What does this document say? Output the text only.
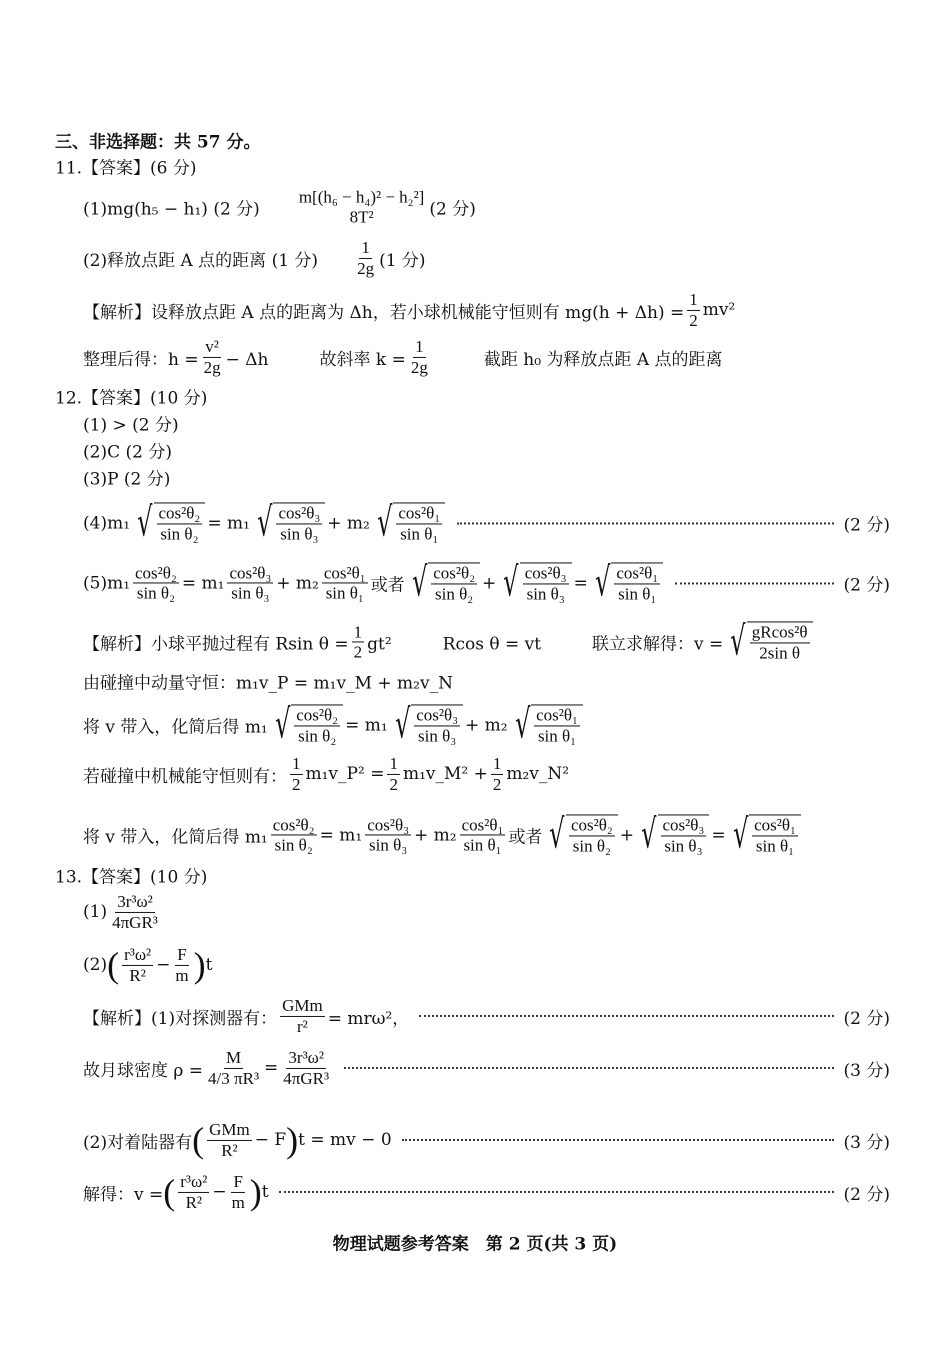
三、非选择题：共 57 分。
11.【答案】(6 分)
(1)mg(h₅ − h₁) (2 分)　　
m[(h₆ − h₄)² − h₂²]
8T²	(2 分)
(2)释放点距 A 点的距离 (1 分)　　 $\frac{1}{2g} (1$ 分)
【解析】设释放点距 A 点的距离为 Δh，若小球机械能守恒则有 $mg(h + \Delta h) = \frac{1}{2} mv^2$
整理后得：$h = \frac{\text{v²}}{2g} - \Delta h$　　　故斜率 $k = \frac{1}{2g}$ 　　　截距 h₀ 为释放点距 A 点的距离
12.【答案】(10 分)
(1) > (2 分)
(2)C (2 分)
(3)P (2 分)
(4)m₁ √ $\frac{\text{cos²θ₂}}{\text{sin θ₂}} = m_1$ √ $\frac{\text{cos²θ₃}}{\text{sin θ₃}} + m_2$ √ $\frac{\text{cos²θ₁}}{\text{sin θ₁}}$	(2 分)
$(5)m_1 \frac{\text{cos²θ₂}}{\text{sin θ₂}} = m_1 \frac{\text{cos²θ₃}}{\text{sin θ₃}} + m_2 \frac{\text{cos²θ₁}}{\text{sin θ₁}}$ 或者 √ $\frac{\text{cos²θ₂}}{\text{sin θ₂}}$ + √ $\frac{\text{cos²θ₃}}{\text{sin θ₃}}$ = √ $\frac{\text{cos²θ₁}}{\text{sin θ₁}}$	(2 分)
【解析】小球平抛过程有 Rsin $\theta = \frac{1}{2} gt^2$　　　Rcos θ = vt　　　联立求解得：v = √ $\frac{\text{gRcos²θ}}{\text{2sin θ}}$
由碰撞中动量守恒：m₁v_P = m₁v_M + m₂v_N
将 v 带入，化简后得 m₁ √ $\frac{\text{cos²θ₂}}{\text{sin θ₂}} = m_1$ √ $\frac{\text{cos²θ₃}}{\text{sin θ₃}} + m_2$ √ $\frac{\text{cos²θ₁}}{\text{sin θ₁}}$
若碰撞中机械能守恒则有： $\frac{1}{2}$ m₁v_P² = $\frac{1}{2}$ m₁v_M² + $\frac{1}{2}$ m₂v_N²
将 v 带入，化简后得 $m_1 \frac{\text{cos²θ₂}}{\text{sin θ₂}} = m_1 \frac{\text{cos²θ₃}}{\text{sin θ₃}} + m_2 \frac{\text{cos²θ₁}}{\text{sin θ₁}}$ 或者 √ $\frac{\text{cos²θ₂}}{\text{sin θ₂}}$ + √ $\frac{\text{cos²θ₃}}{\text{sin θ₃}}$ = √ $\frac{\text{cos²θ₁}}{\text{sin θ₁}}$
13.【答案】(10 分)
$(1) \frac{\text{3r³ω²}}{\text{4πGR³}}$
(2) ( $\frac{\text{r³ω²}}{\text{R²}} - \frac{F}{m}$ ) t
【解析】(1)对探测器有： $\frac{\text{GMm}}{\text{r²}} = mr\omega^2$，	(2 分)
故月球密度 $\rho = \frac{M}{\text{4/3 πR³}} = \frac{\text{3r³ω²}}{\text{4πGR³}}$	(3 分)
(2)对着陆器有 ( $\frac{\text{GMm}}{\text{R²}} - F$ ) t = mv − 0	(3 分)
解得：v = ( $\frac{\text{r³ω²}}{\text{R²}} - \frac{F}{m}$ ) t	(2 分)
物理试题参考答案　第 2 页(共 3 页)
